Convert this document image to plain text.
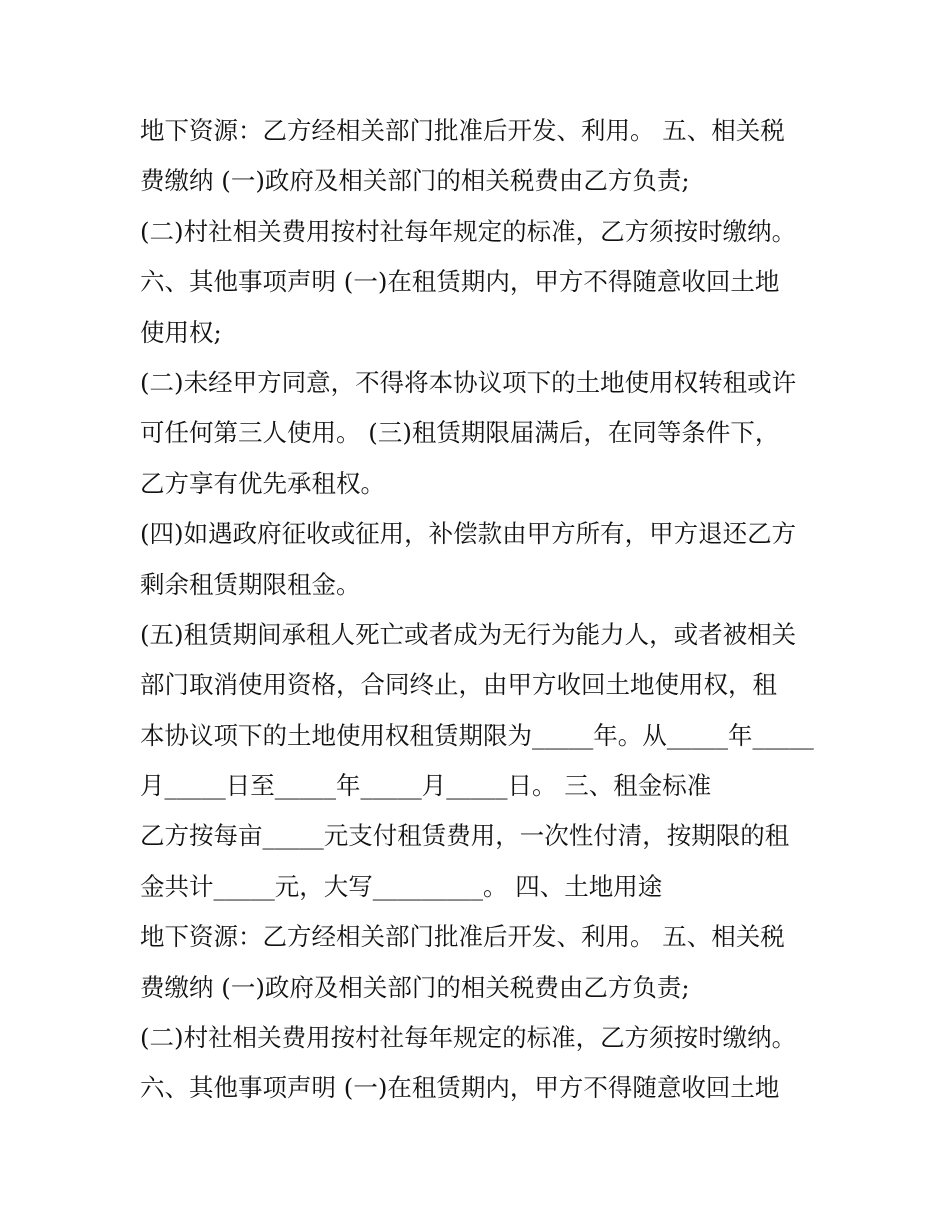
地下资源：乙方经相关部门批准后开发、利用。 五、相关税
费缴纳 (一)政府及相关部门的相关税费由乙方负责;
(二)村社相关费用按村社每年规定的标准，乙方须按时缴纳。
六、其他事项声明 (一)在租赁期内，甲方不得随意收回土地
使用权;
(二)未经甲方同意，不得将本协议项下的土地使用权转租或许
可任何第三人使用。 (三)租赁期限届满后，在同等条件下，
乙方享有优先承租权。
(四)如遇政府征收或征用，补偿款由甲方所有，甲方退还乙方
剩余租赁期限租金。
(五)租赁期间承租人死亡或者成为无行为能力人，或者被相关
部门取消使用资格，合同终止，由甲方收回土地使用权，租
本协议项下的土地使用权租赁期限为_____年。从_____年_____
月_____日至_____年_____月_____日。 三、租金标准
乙方按每亩_____元支付租赁费用，一次性付清，按期限的租
金共计_____元，大写_________。 四、土地用途
地下资源：乙方经相关部门批准后开发、利用。 五、相关税
费缴纳 (一)政府及相关部门的相关税费由乙方负责;
(二)村社相关费用按村社每年规定的标准，乙方须按时缴纳。
六、其他事项声明 (一)在租赁期内，甲方不得随意收回土地
